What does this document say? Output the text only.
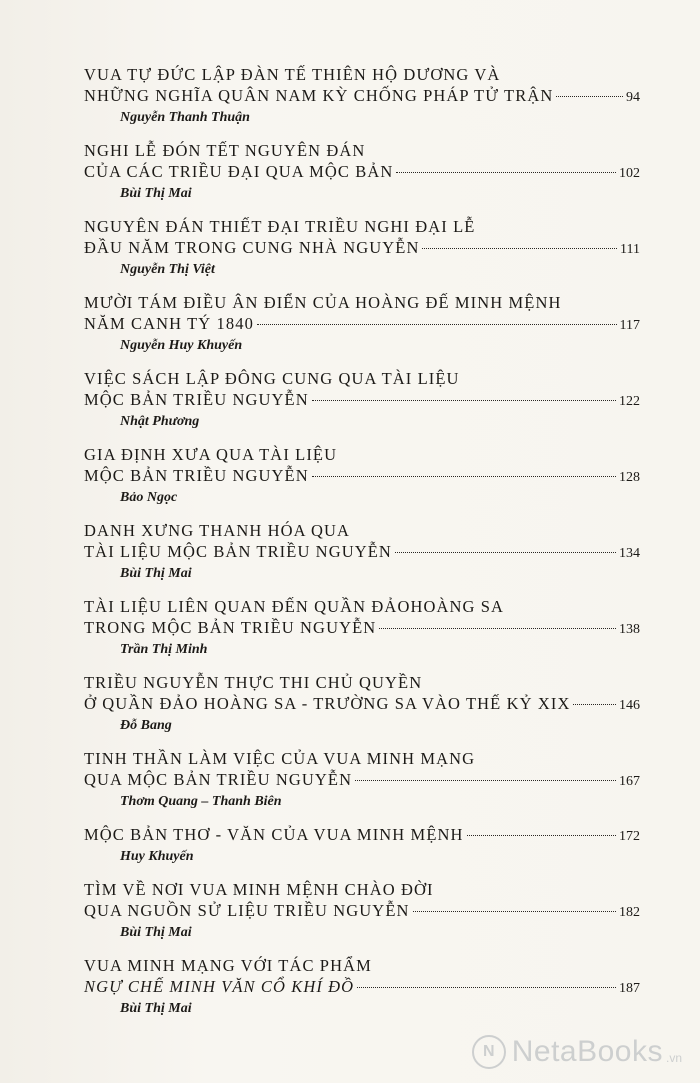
VUA TỰ ĐỨC LẬP ĐÀN TẾ THIÊN HỘ DƯƠNG VÀ
NHỮNG NGHĨA QUÂN NAM KỲ CHỐNG PHÁP TỬ TRẬN	94
Nguyễn Thanh Thuận
NGHI LỄ ĐÓN TẾT NGUYÊN ĐÁN
CỦA CÁC TRIỀU ĐẠI QUA MỘC BẢN	102
Bùi Thị Mai
NGUYÊN ĐÁN THIẾT ĐẠI TRIỀU NGHI ĐẠI LỄ
ĐẦU NĂM TRONG CUNG NHÀ NGUYỄN	111
Nguyễn Thị Việt
MƯỜI TÁM ĐIỀU ÂN ĐIỂN CỦA HOÀNG ĐẾ MINH MỆNH
NĂM CANH TÝ 1840	117
Nguyễn Huy Khuyến
VIỆC SÁCH LẬP ĐÔNG CUNG QUA TÀI LIỆU
MỘC BẢN TRIỀU NGUYỄN	122
Nhật Phương
GIA ĐỊNH XƯA QUA TÀI LIỆU
MỘC BẢN TRIỀU NGUYỄN	128
Bảo Ngọc
DANH XƯNG THANH HÓA QUA
TÀI LIỆU MỘC BẢN TRIỀU NGUYỄN	134
Bùi Thị Mai
TÀI LIỆU LIÊN QUAN ĐẾN QUẦN ĐẢOHOÀNG SA
TRONG MỘC BẢN TRIỀU NGUYỄN	138
Trần Thị Minh
TRIỀU NGUYỄN THỰC THI CHỦ QUYỀN
Ở QUẦN ĐẢO HOÀNG SA - TRƯỜNG SA VÀO THẾ KỶ XIX	146
Đỗ Bang
TINH THẦN LÀM VIỆC CỦA VUA MINH MẠNG
QUA MỘC BẢN TRIỀU NGUYỄN	167
Thơm Quang – Thanh Biên
MỘC BẢN THƠ - VĂN CỦA VUA MINH MỆNH	172
Huy Khuyến
TÌM VỀ NƠI VUA MINH MỆNH CHÀO ĐỜI
QUA NGUỒN SỬ LIỆU TRIỀU NGUYỄN	182
Bùi Thị Mai
VUA MINH MẠNG VỚI TÁC PHẨM
NGỰ CHẾ MINH VĂN CỔ KHÍ ĐỒ	187
Bùi Thị Mai
N NetaBooks .vn
